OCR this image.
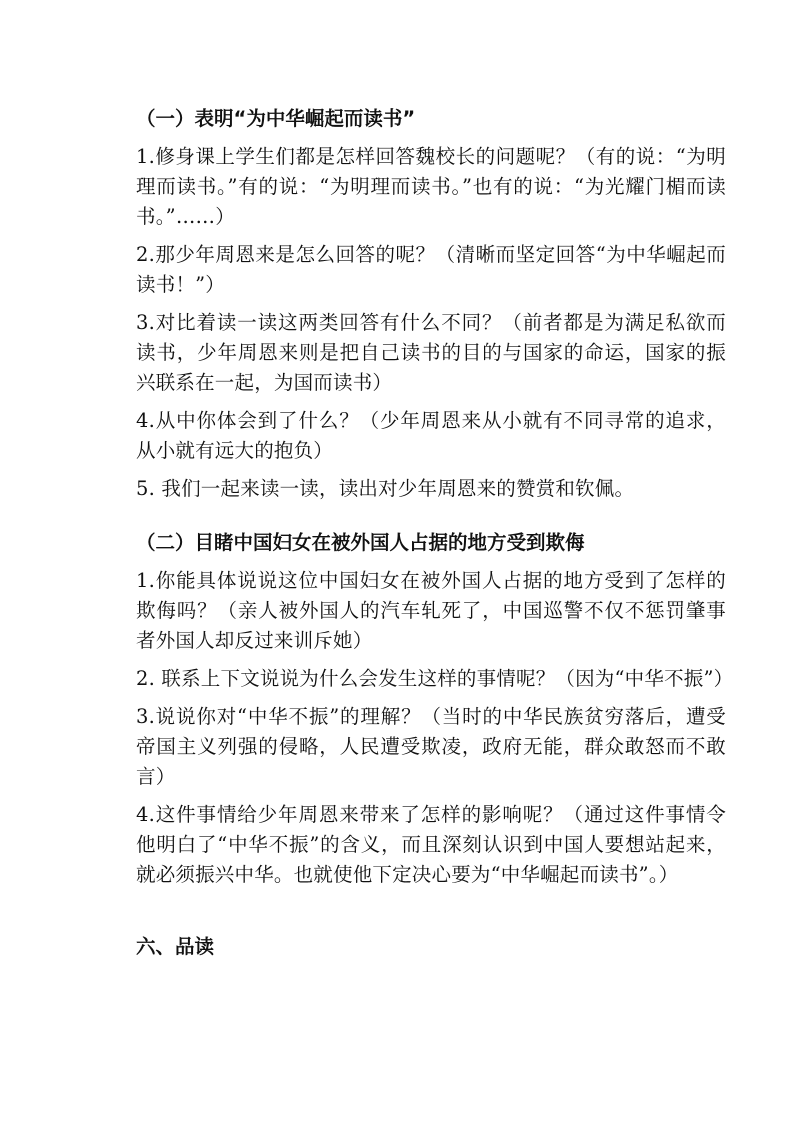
（一）表明“为中华崛起而读书”

1.修身课上学生们都是怎样回答魏校长的问题呢？（有的说：“为明理而读书。”有的说：“为明理而读书。”也有的说：“为光耀门楣而读书。”……）

2.那少年周恩来是怎么回答的呢？（清晰而坚定回答“为中华崛起而读书！”）

3.对比着读一读这两类回答有什么不同？（前者都是为满足私欲而读书，少年周恩来则是把自己读书的目的与国家的命运，国家的振兴联系在一起，为国而读书）

4.从中你体会到了什么？（少年周恩来从小就有不同寻常的追求，从小就有远大的抱负）

5. 我们一起来读一读，读出对少年周恩来的赞赏和钦佩。

（二）目睹中国妇女在被外国人占据的地方受到欺侮

1.你能具体说说这位中国妇女在被外国人占据的地方受到了怎样的欺侮吗？（亲人被外国人的汽车轧死了，中国巡警不仅不惩罚肇事者外国人却反过来训斥她）

2. 联系上下文说说为什么会发生这样的事情呢？（因为“中华不振”）

3.说说你对“中华不振”的理解？（当时的中华民族贫穷落后，遭受帝国主义列强的侵略，人民遭受欺凌，政府无能，群众敢怒而不敢言）

4.这件事情给少年周恩来带来了怎样的影响呢？（通过这件事情令他明白了“中华不振”的含义，而且深刻认识到中国人要想站起来，就必须振兴中华。也就使他下定决心要为“中华崛起而读书”。）

六、品读
